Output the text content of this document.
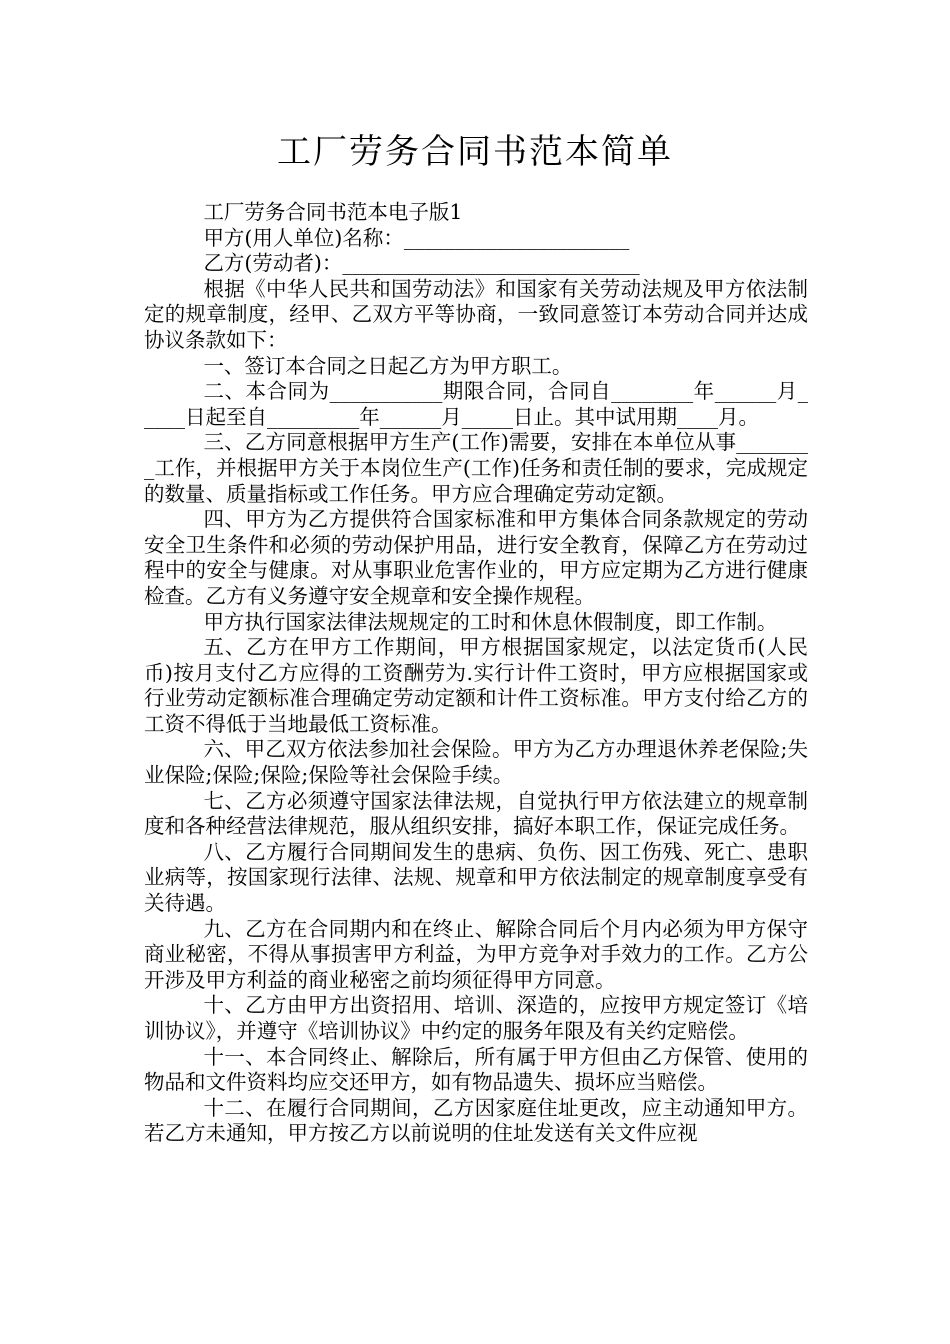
工厂劳务合同书范本简单

工厂劳务合同书范本电子版1

甲方(用人单位)名称：______________________

乙方(劳动者)：_____________________________

根据《中华人民共和国劳动法》和国家有关劳动法规及甲方依法制定的规章制度，经甲、乙双方平等协商，一致同意签订本劳动合同并达成协议条款如下：

一、签订本合同之日起乙方为甲方职工。

二、本合同为___________期限合同，合同自________年______月_____日起至自_________年______月_____日止。其中试用期____月。

三、乙方同意根据甲方生产(工作)需要，安排在本单位从事________工作，并根据甲方关于本岗位生产(工作)任务和责任制的要求，完成规定的数量、质量指标或工作任务。甲方应合理确定劳动定额。

四、甲方为乙方提供符合国家标准和甲方集体合同条款规定的劳动安全卫生条件和必须的劳动保护用品，进行安全教育，保障乙方在劳动过程中的安全与健康。对从事职业危害作业的，甲方应定期为乙方进行健康检查。乙方有义务遵守安全规章和安全操作规程。

甲方执行国家法律法规规定的工时和休息休假制度，即工作制。

五、乙方在甲方工作期间，甲方根据国家规定，以法定货币(人民币)按月支付乙方应得的工资酬劳为.实行计件工资时，甲方应根据国家或行业劳动定额标准合理确定劳动定额和计件工资标准。甲方支付给乙方的工资不得低于当地最低工资标准。

六、甲乙双方依法参加社会保险。甲方为乙方办理退休养老保险;失业保险;保险;保险;保险等社会保险手续。

七、乙方必须遵守国家法律法规，自觉执行甲方依法建立的规章制度和各种经营法律规范，服从组织安排，搞好本职工作，保证完成任务。

八、乙方履行合同期间发生的患病、负伤、因工伤残、死亡、患职业病等，按国家现行法律、法规、规章和甲方依法制定的规章制度享受有关待遇。

九、乙方在合同期内和在终止、解除合同后个月内必须为甲方保守商业秘密，不得从事损害甲方利益，为甲方竞争对手效力的工作。乙方公开涉及甲方利益的商业秘密之前均须征得甲方同意。

十、乙方由甲方出资招用、培训、深造的，应按甲方规定签订《培训协议》，并遵守《培训协议》中约定的服务年限及有关约定赔偿。

十一、本合同终止、解除后，所有属于甲方但由乙方保管、使用的物品和文件资料均应交还甲方，如有物品遗失、损坏应当赔偿。

十二、在履行合同期间，乙方因家庭住址更改，应主动通知甲方。若乙方未通知，甲方按乙方以前说明的住址发送有关文件应视
